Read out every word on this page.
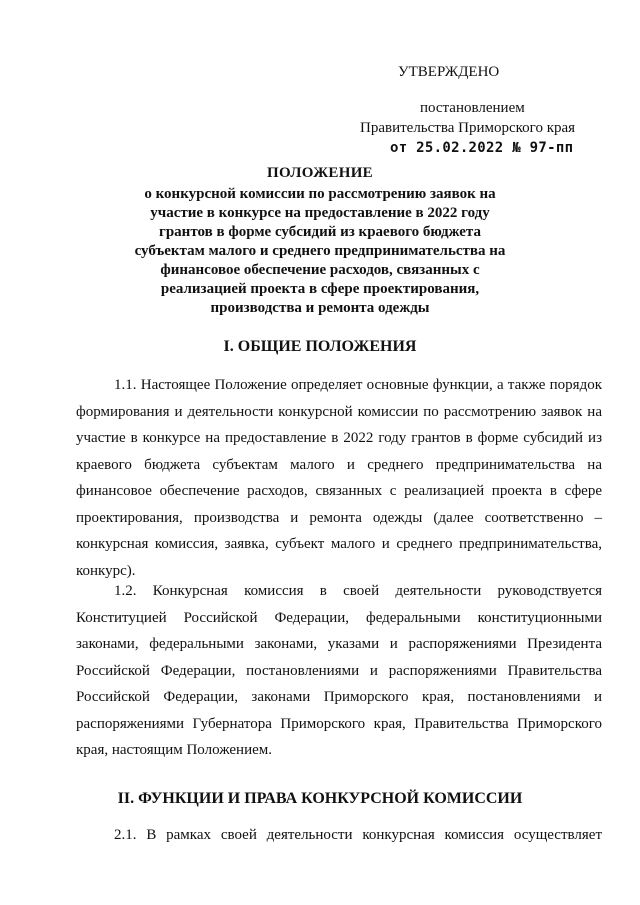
УТВЕРЖДЕНО
постановлением
Правительства Приморского края
от 25.02.2022 № 97-пп
ПОЛОЖЕНИЕ
о конкурсной комиссии по рассмотрению заявок на
участие в конкурсе на предоставление в 2022 году
грантов в форме субсидий из краевого бюджета
субъектам малого и среднего предпринимательства на
финансовое обеспечение расходов, связанных с
реализацией проекта в сфере проектирования,
производства и ремонта одежды
I. ОБЩИЕ ПОЛОЖЕНИЯ
1.1. Настоящее Положение определяет основные функции, а также порядок формирования и деятельности конкурсной комиссии по рассмотрению заявок на участие в конкурсе на предоставление в 2022 году грантов в форме субсидий из краевого бюджета субъектам малого и среднего предпринимательства на финансовое обеспечение расходов, связанных с реализацией проекта в сфере проектирования, производства и ремонта одежды (далее соответственно – конкурсная комиссия, заявка, субъект малого и среднего предпринимательства, конкурс).
1.2. Конкурсная комиссия в своей деятельности руководствуется Конституцией Российской Федерации, федеральными конституционными законами, федеральными законами, указами и распоряжениями Президента Российской Федерации, постановлениями и распоряжениями Правительства Российской Федерации, законами Приморского края, постановлениями и распоряжениями Губернатора Приморского края, Правительства Приморского края, настоящим Положением.
II. ФУНКЦИИ И ПРАВА КОНКУРСНОЙ КОМИССИИ
2.1. В рамках своей деятельности конкурсная комиссия осуществляет
